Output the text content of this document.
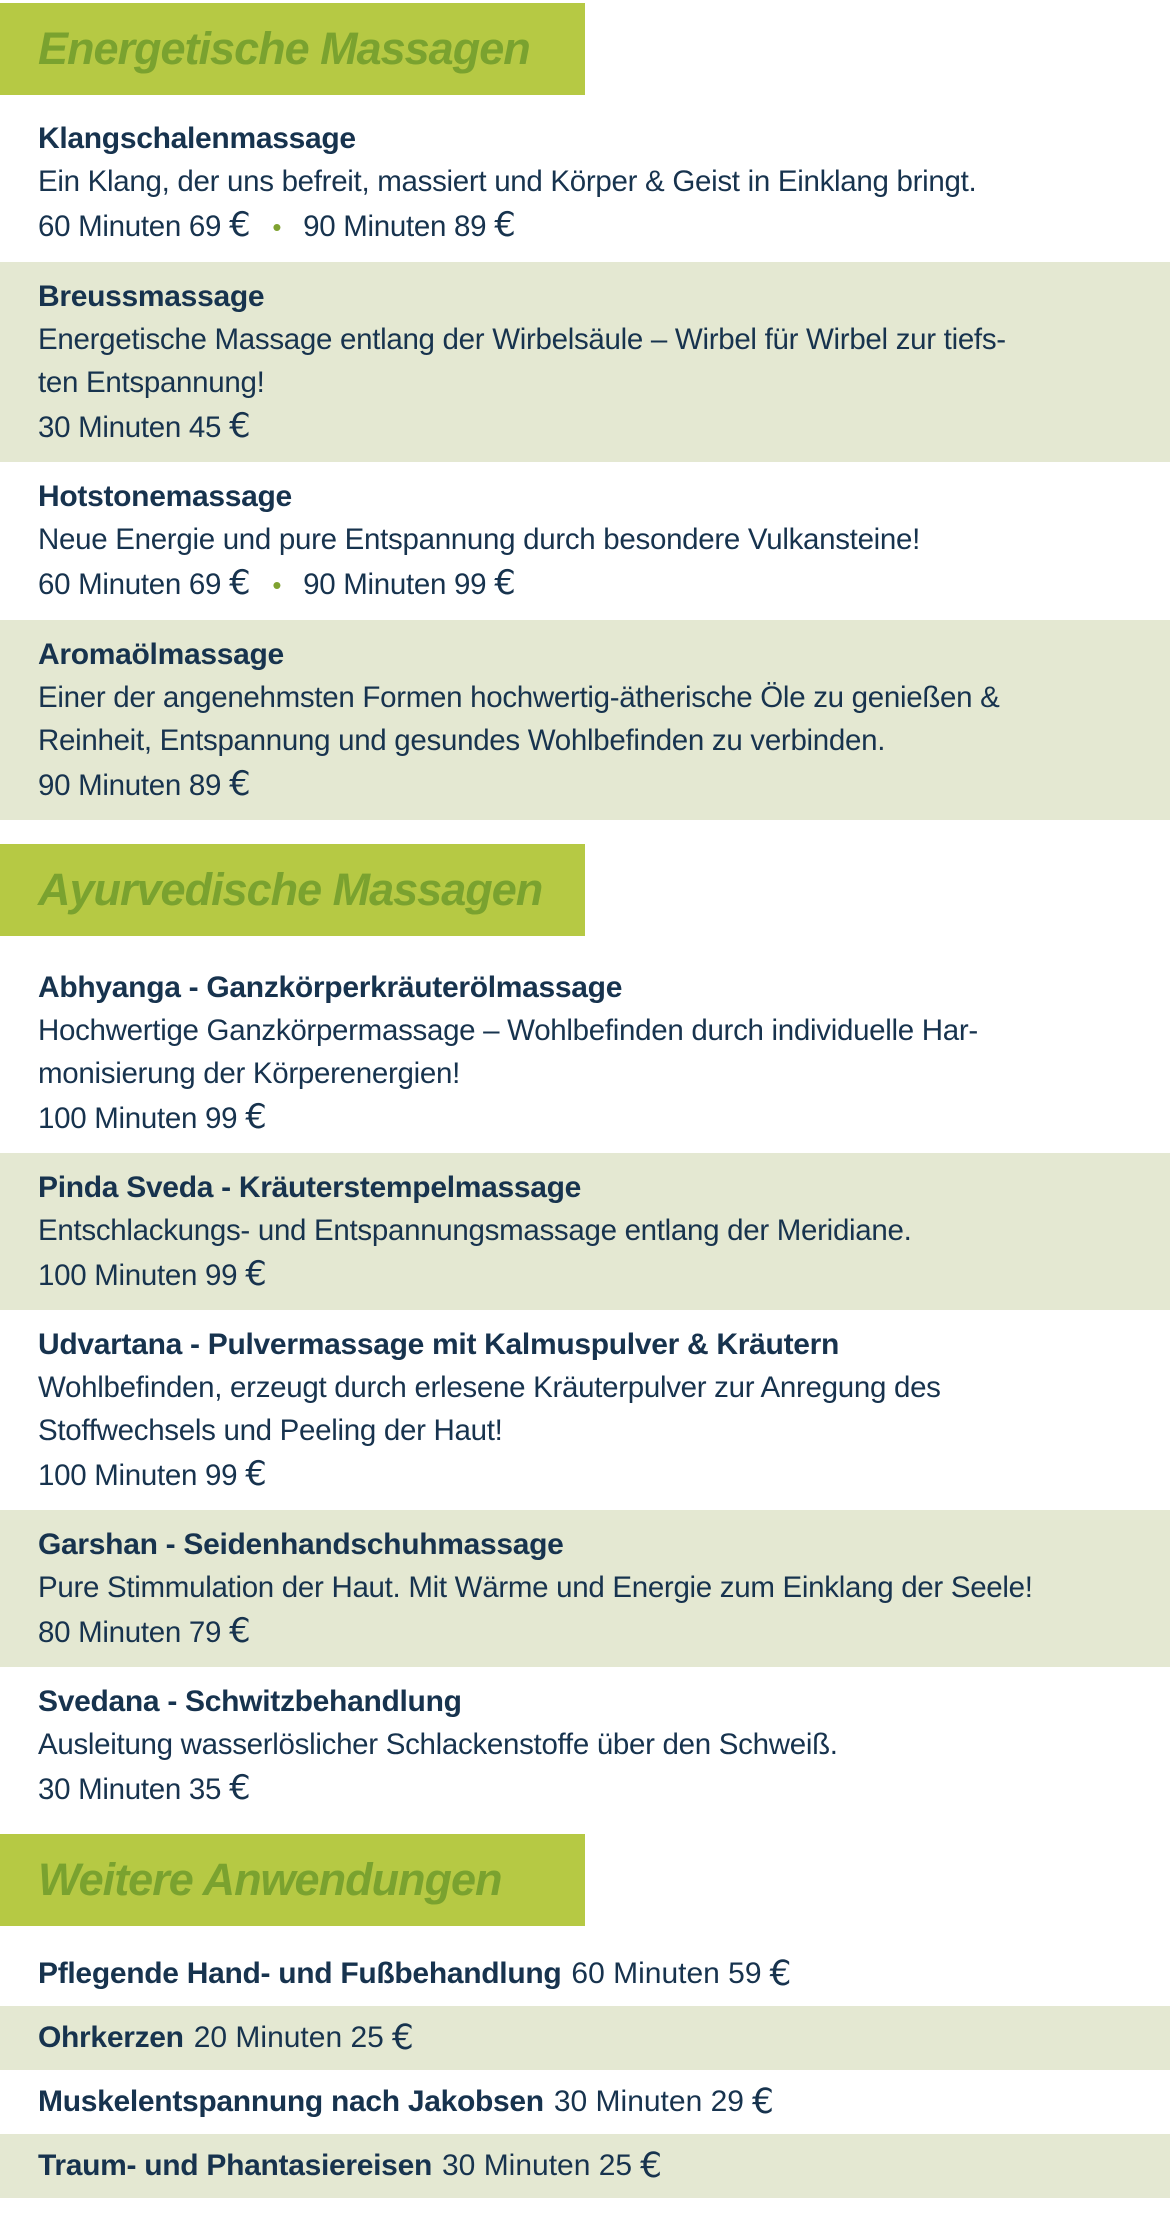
Energetische Massagen
Klangschalenmassage
Ein Klang, der uns befreit, massiert und Körper & Geist in Einklang bringt.
60 Minuten 69 € • 90 Minuten 89 €
Breussmassage
Energetische Massage entlang der Wirbelsäule – Wirbel für Wirbel zur tiefs-
ten Entspannung!
30 Minuten 45 €
Hotstonemassage
Neue Energie und pure Entspannung durch besondere Vulkansteine!
60 Minuten 69 € • 90 Minuten 99 €
Aromaölmassage
Einer der angenehmsten Formen hochwertig-ätherische Öle zu genießen &
Reinheit, Entspannung und gesundes Wohlbefinden zu verbinden.
90 Minuten 89 €
Ayurvedische Massagen
Abhyanga - Ganzkörperkräuterölmassage
Hochwertige Ganzkörpermassage – Wohlbefinden durch individuelle Har-
monisierung der Körperenergien!
100 Minuten 99 €
Pinda Sveda - Kräuterstempelmassage
Entschlackungs- und Entspannungsmassage entlang der Meridiane.
100 Minuten 99 €
Udvartana - Pulvermassage mit Kalmuspulver & Kräutern
Wohlbefinden, erzeugt durch erlesene Kräuterpulver zur Anregung des
Stoffwechsels und Peeling der Haut!
100 Minuten 99 €
Garshan - Seidenhandschuhmassage
Pure Stimmulation der Haut. Mit Wärme und Energie zum Einklang der Seele!
80 Minuten 79 €
Svedana - Schwitzbehandlung
Ausleitung wasserlöslicher Schlackenstoffe über den Schweiß.
30 Minuten 35 €
Weitere Anwendungen
Pflegende Hand- und Fußbehandlung 60 Minuten 59 €
Ohrkerzen 20 Minuten 25 €
Muskelentspannung nach Jakobsen 30 Minuten 29 €
Traum- und Phantasiereisen 30 Minuten 25 €
